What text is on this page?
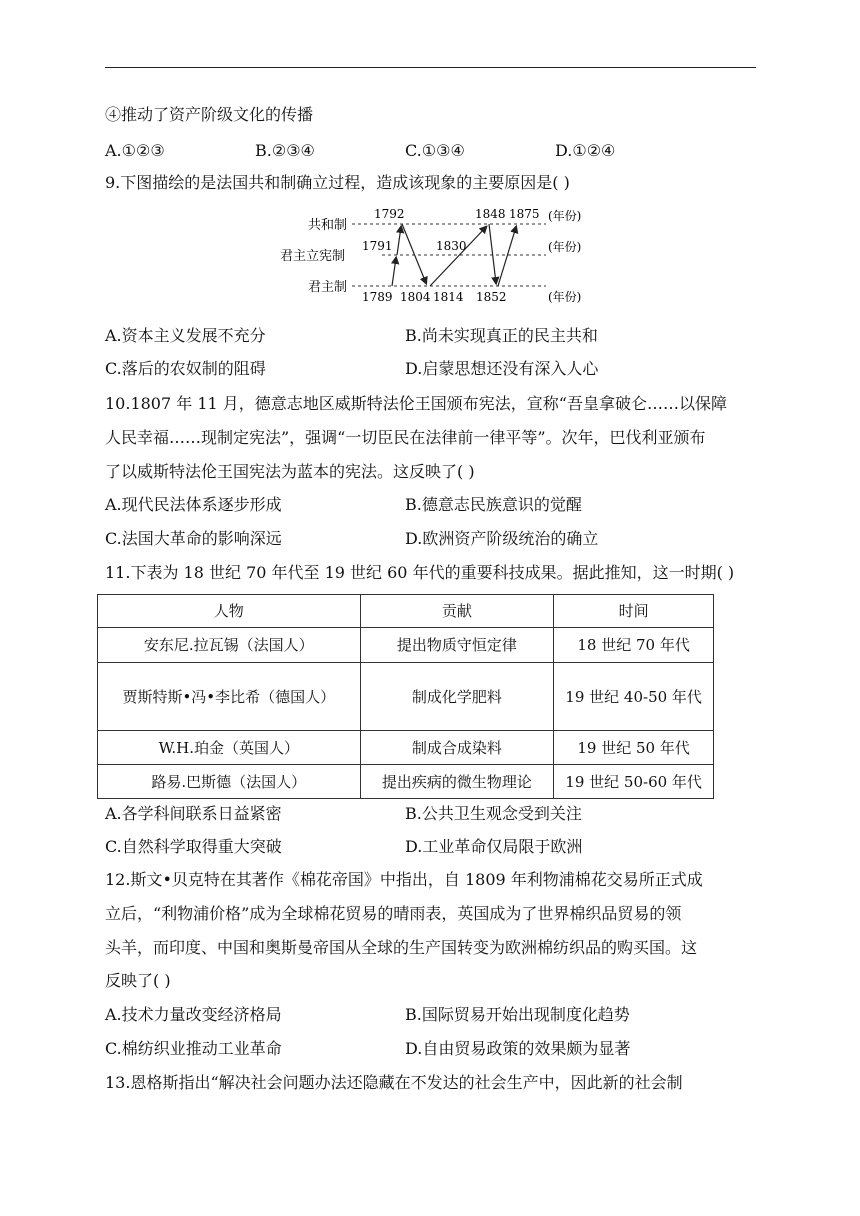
④推动了资产阶级文化的传播
A.①②③	B.②③④	C.①③④	D.①②④
9.下图描绘的是法国共和制确立过程，造成该现象的主要原因是( )
共和制
君主立宪制
君主制
(年份)
(年份)
(年份)
1792	1848 1875
1791	1830
1789 1804 1814 1852
A.资本主义发展不充分	B.尚未实现真正的民主共和
C.落后的农奴制的阻碍	D.启蒙思想还没有深入人心
10.1807 年 11 月，德意志地区威斯特法伦王国颁布宪法，宣称“吾皇拿破仑……以保障
人民幸福……现制定宪法”，强调“一切臣民在法律前一律平等”。次年，巴伐利亚颁布
了以威斯特法伦王国宪法为蓝本的宪法。这反映了( )
A.现代民法体系逐步形成	B.德意志民族意识的觉醒
C.法国大革命的影响深远	D.欧洲资产阶级统治的确立
11.下表为 18 世纪 70 年代至 19 世纪 60 年代的重要科技成果。据此推知，这一时期( )
人物	贡献	时间
安东尼.拉瓦锡（法国人）	提出物质守恒定律	18 世纪 70 年代
贾斯特斯•冯•李比希（德国人）	制成化学肥料	19 世纪 40-50 年代
W.H.珀金（英国人）	制成合成染料	19 世纪 50 年代
路易.巴斯德（法国人）	提出疾病的微生物理论	19 世纪 50-60 年代
A.各学科间联系日益紧密	B.公共卫生观念受到关注
C.自然科学取得重大突破	D.工业革命仅局限于欧洲
12.斯文•贝克特在其著作《棉花帝国》中指出，自 1809 年利物浦棉花交易所正式成
立后，“利物浦价格”成为全球棉花贸易的晴雨表，英国成为了世界棉织品贸易的领
头羊，而印度、中国和奥斯曼帝国从全球的生产国转变为欧洲棉纺织品的购买国。这
反映了( )
A.技术力量改变经济格局	B.国际贸易开始出现制度化趋势
C.棉纺织业推动工业革命	D.自由贸易政策的效果颇为显著
13.恩格斯指出“解决社会问题办法还隐藏在不发达的社会生产中，因此新的社会制
